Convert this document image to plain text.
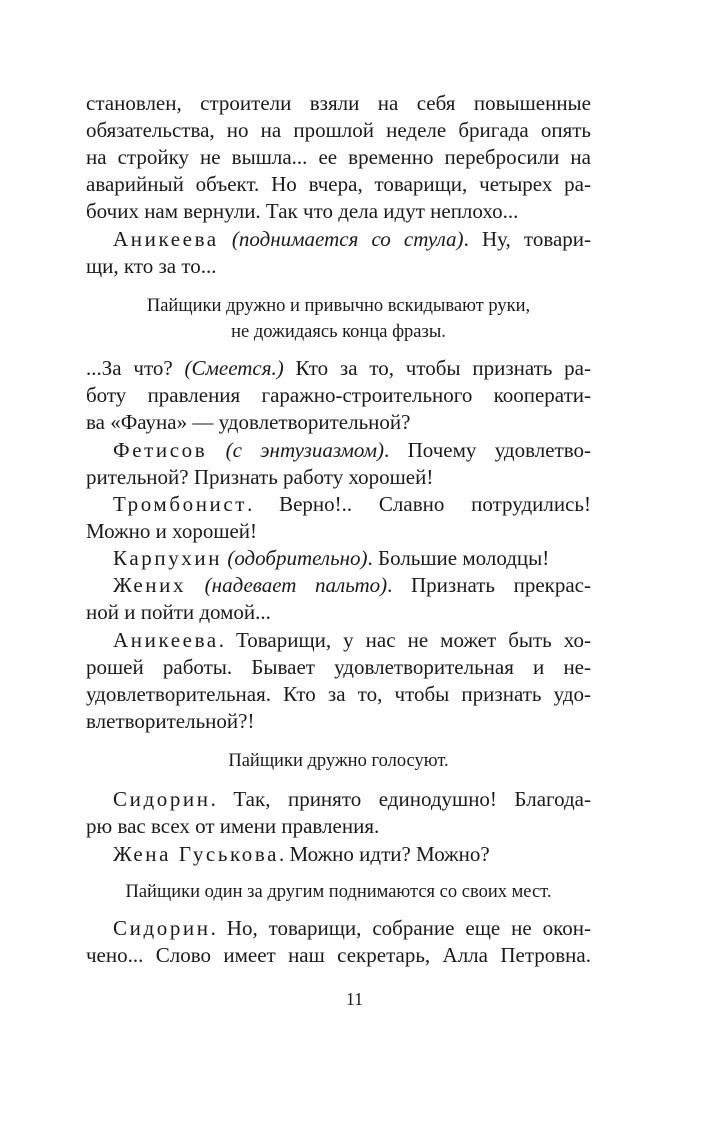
становлен, строители взяли на себя повышенные
обязательства, но на прошлой неделе бригада опять
на стройку не вышла... ее временно перебросили на
аварийный объект. Но вчера, товарищи, четырех ра-
бочих нам вернули. Так что дела идут неплохо...
Аникеева (поднимается со стула). Ну, товари-
щи, кто за то...
Пайщики дружно и привычно вскидывают руки,
не дожидаясь конца фразы.
...За что? (Смеется.) Кто за то, чтобы признать ра-
боту правления гаражно-строительного кооперати-
ва «Фауна» — удовлетворительной?
Фетисов (с энтузиазмом). Почему удовлетво-
рительной? Признать работу хорошей!
Тромбонист. Верно!.. Славно потрудились!
Можно и хорошей!
Карпухин (одобрительно). Большие молодцы!
Жених (надевает пальто). Признать прекрас-
ной и пойти домой...
Аникеева. Товарищи, у нас не может быть хо-
рошей работы. Бывает удовлетворительная и не-
удовлетворительная. Кто за то, чтобы признать удо-
влетворительной?!
Пайщики дружно голосуют.
Сидорин. Так, принято единодушно! Благода-
рю вас всех от имени правления.
Жена Гуськова. Можно идти? Можно?
Пайщики один за другим поднимаются со своих мест.
Сидорин. Но, товарищи, собрание еще не окон-
чено... Слово имеет наш секретарь, Алла Петровна.
11
